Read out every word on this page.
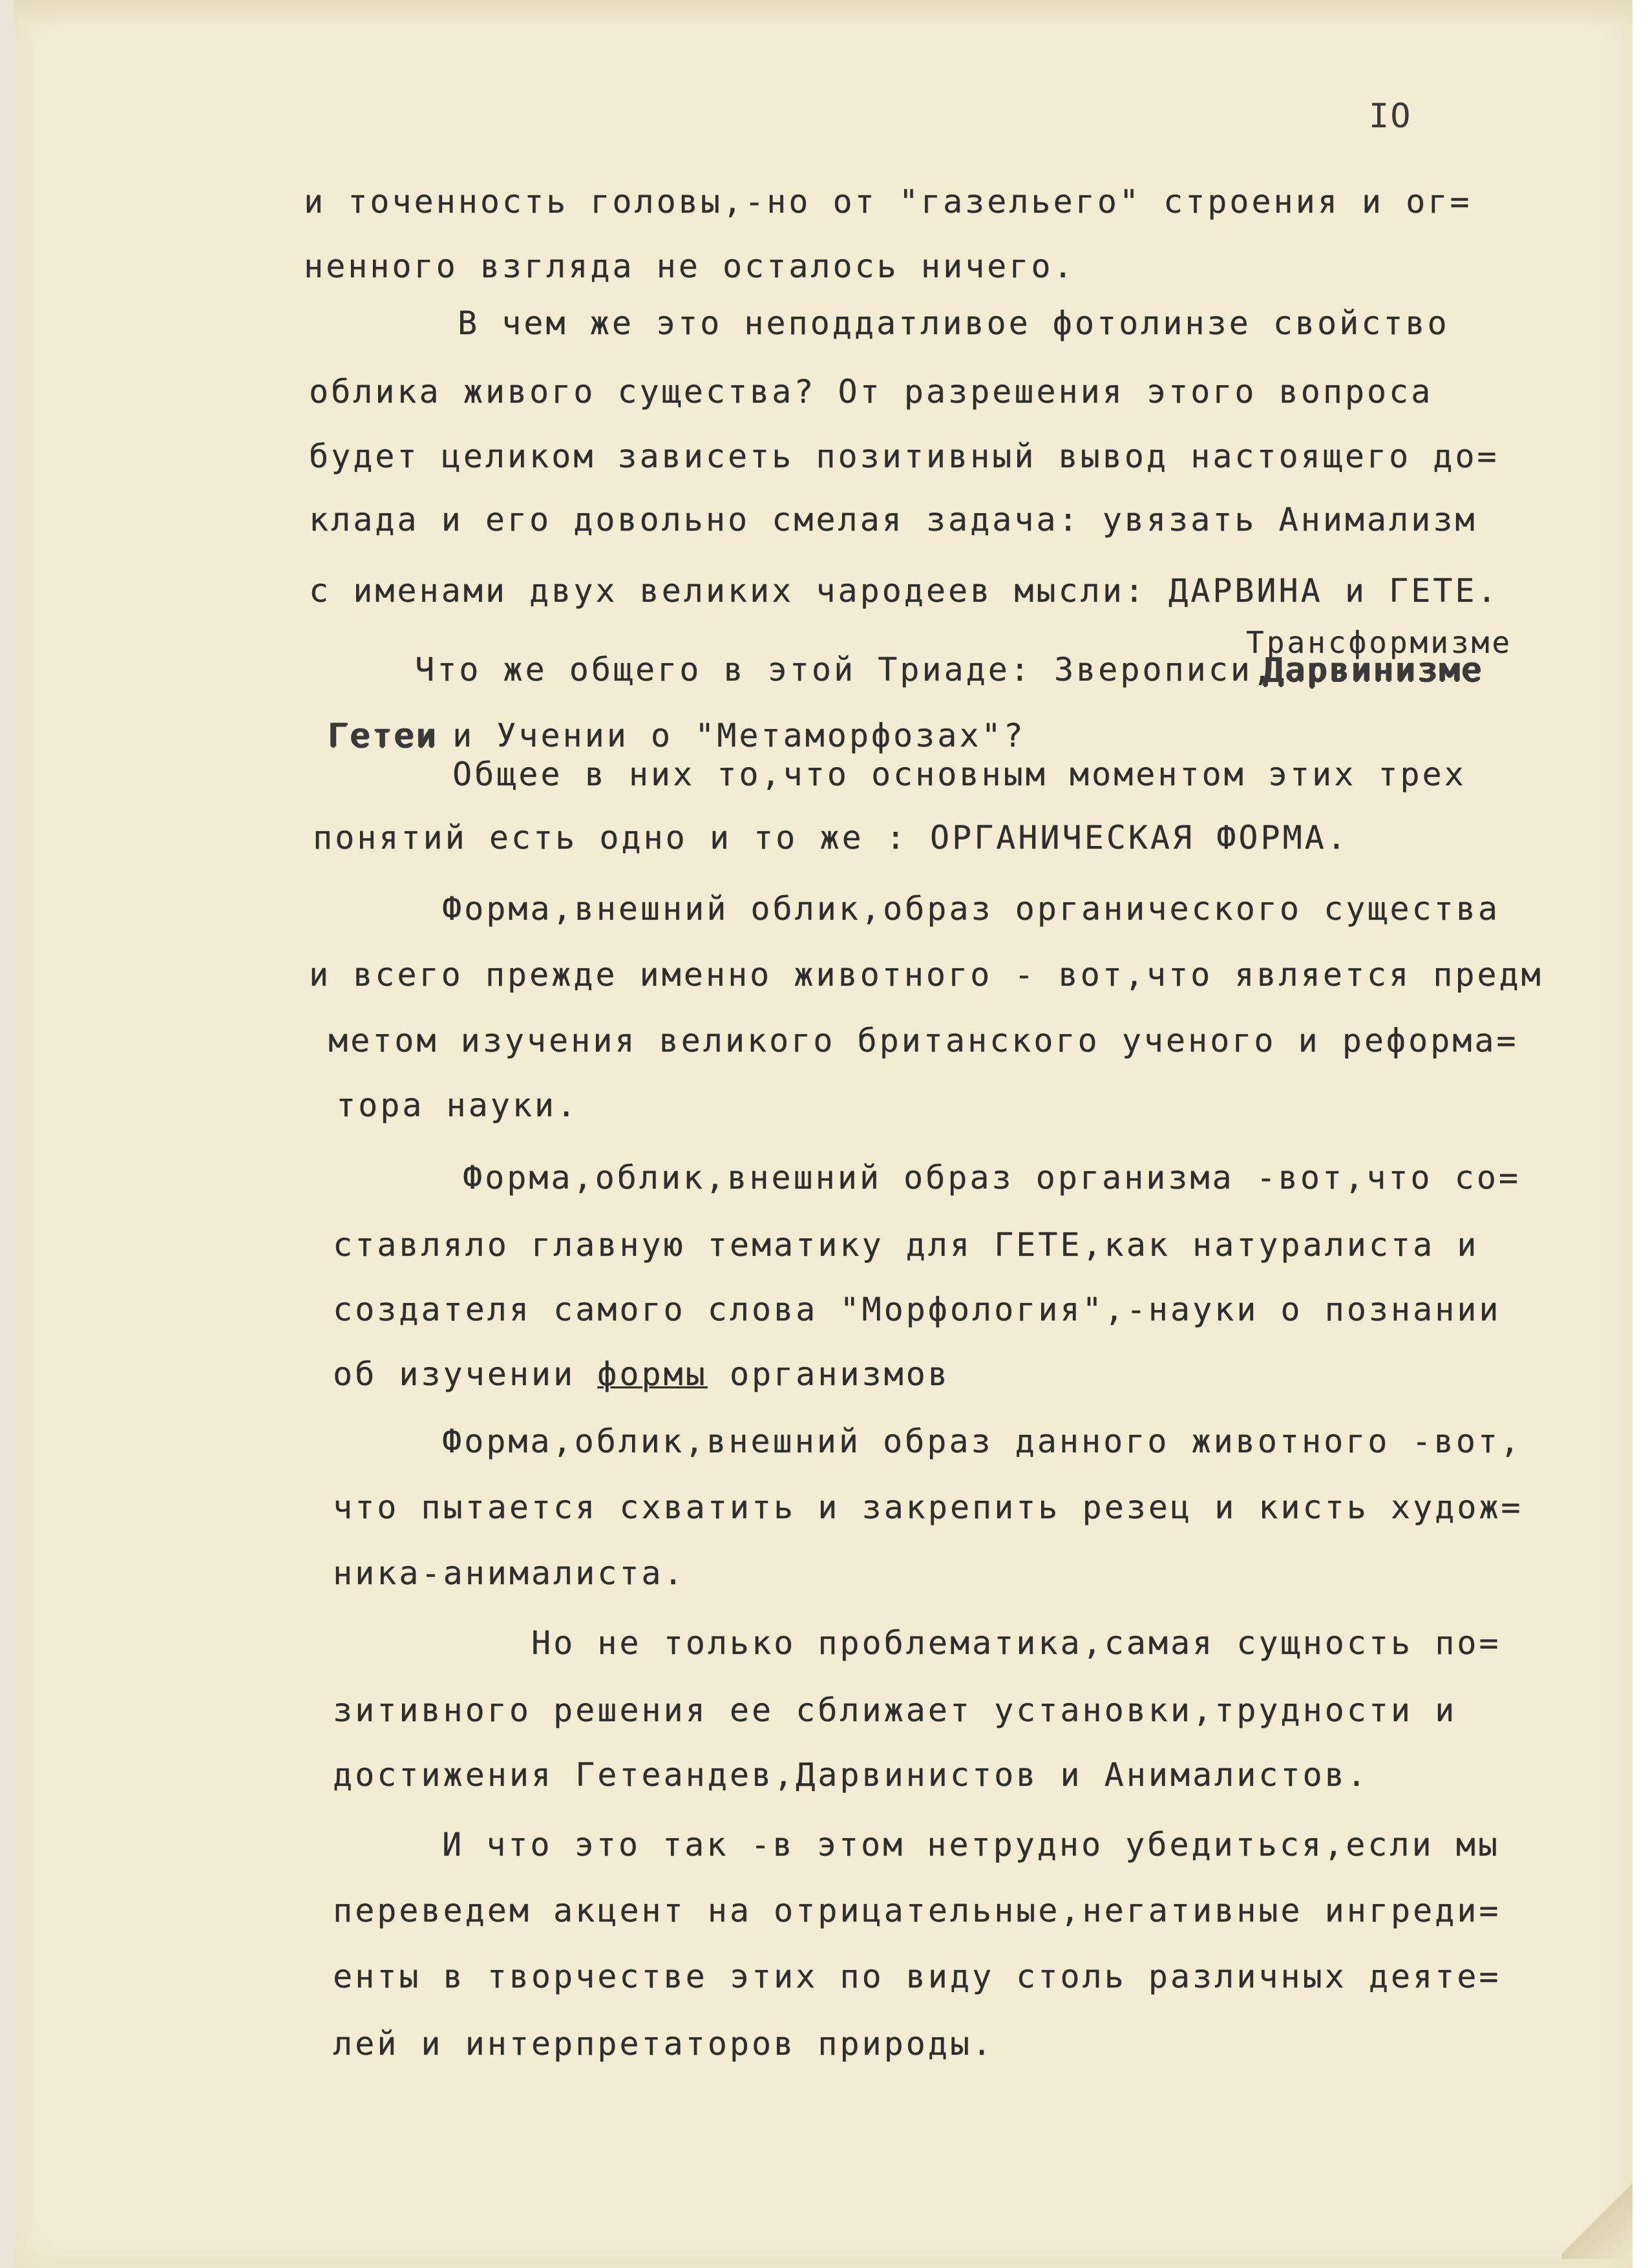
IO
и точенность головы,-но от "газельего" строения и ог=
ненного взгляда не осталось ничего.
В чем же это неподдатливое фотолинзе свойство
облика живого существа? От разрешения этого вопроса
будет целиком зависеть позитивный вывод настоящего до=
клада и его довольно смелая задача: увязать Анимализм
с именами двух великих чародеев мысли: ДАРВИНА и ГЕТЕ.
Трансформизме
Что же общего в этой Триаде: Зверописи,
Дарвинизме
Гетеи и Учении о "Метаморфозах"?
Общее в них то,что основным моментом этих трех
понятий есть одно и то же : ОРГАНИЧЕСКАЯ ФОРМА.
Форма,внешний облик,образ органического существа
и всего прежде именно животного - вот,что является предм
метом изучения великого британского ученого и реформа=
тора науки.
Форма,облик,внешний образ организма -вот,что со=
ставляло главную тематику для ГЕТЕ,как натуралиста и
создателя самого слова "Морфология",-науки о познании
об изучении формы организмов
Форма,облик,внешний образ данного животного -вот,
что пытается схватить и закрепить резец и кисть худож=
ника-анималиста.
Но не только проблематика,самая сущность по=
зитивного решения ее сближает установки,трудности и
достижения Гетеандев,Дарвинистов и Анималистов.
И что это так -в этом нетрудно убедиться,если мы
переведем акцент на отрицательные,негативные ингреди=
енты в творчестве этих по виду столь различных деяте=
лей и интерпретаторов природы.
